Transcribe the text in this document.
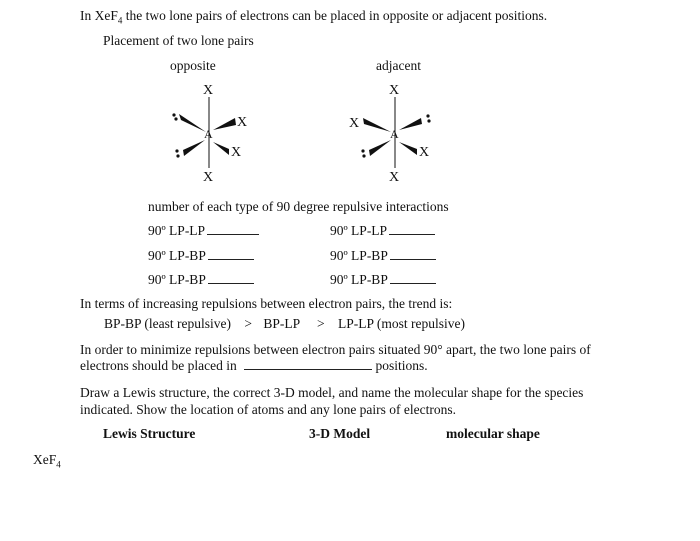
In XeF$_4$ the two lone pairs of electrons can be placed in opposite or adjacent positions.
Placement of two lone pairs
opposite	adjacent
X
X
A
X
X
X
X
A
X
X
number of each type of 90 degree repulsive interactions
90º LP-LP	90º LP-LP
90º LP-BP	90º LP-BP
90º LP-BP	90º LP-BP
In terms of increasing repulsions between electron pairs, the trend is:
BP-BP (least repulsive) > BP-LP > LP-LP (most repulsive)
In order to minimize repulsions between electron pairs situated 90° apart, the two lone pairs of
electrons should be placed in	positions.
Draw a Lewis structure, the correct 3-D model, and name the molecular shape for the species
indicated. Show the location of atoms and any lone pairs of electrons.
Lewis Structure	3-D Model	molecular shape
XeF$_4$
